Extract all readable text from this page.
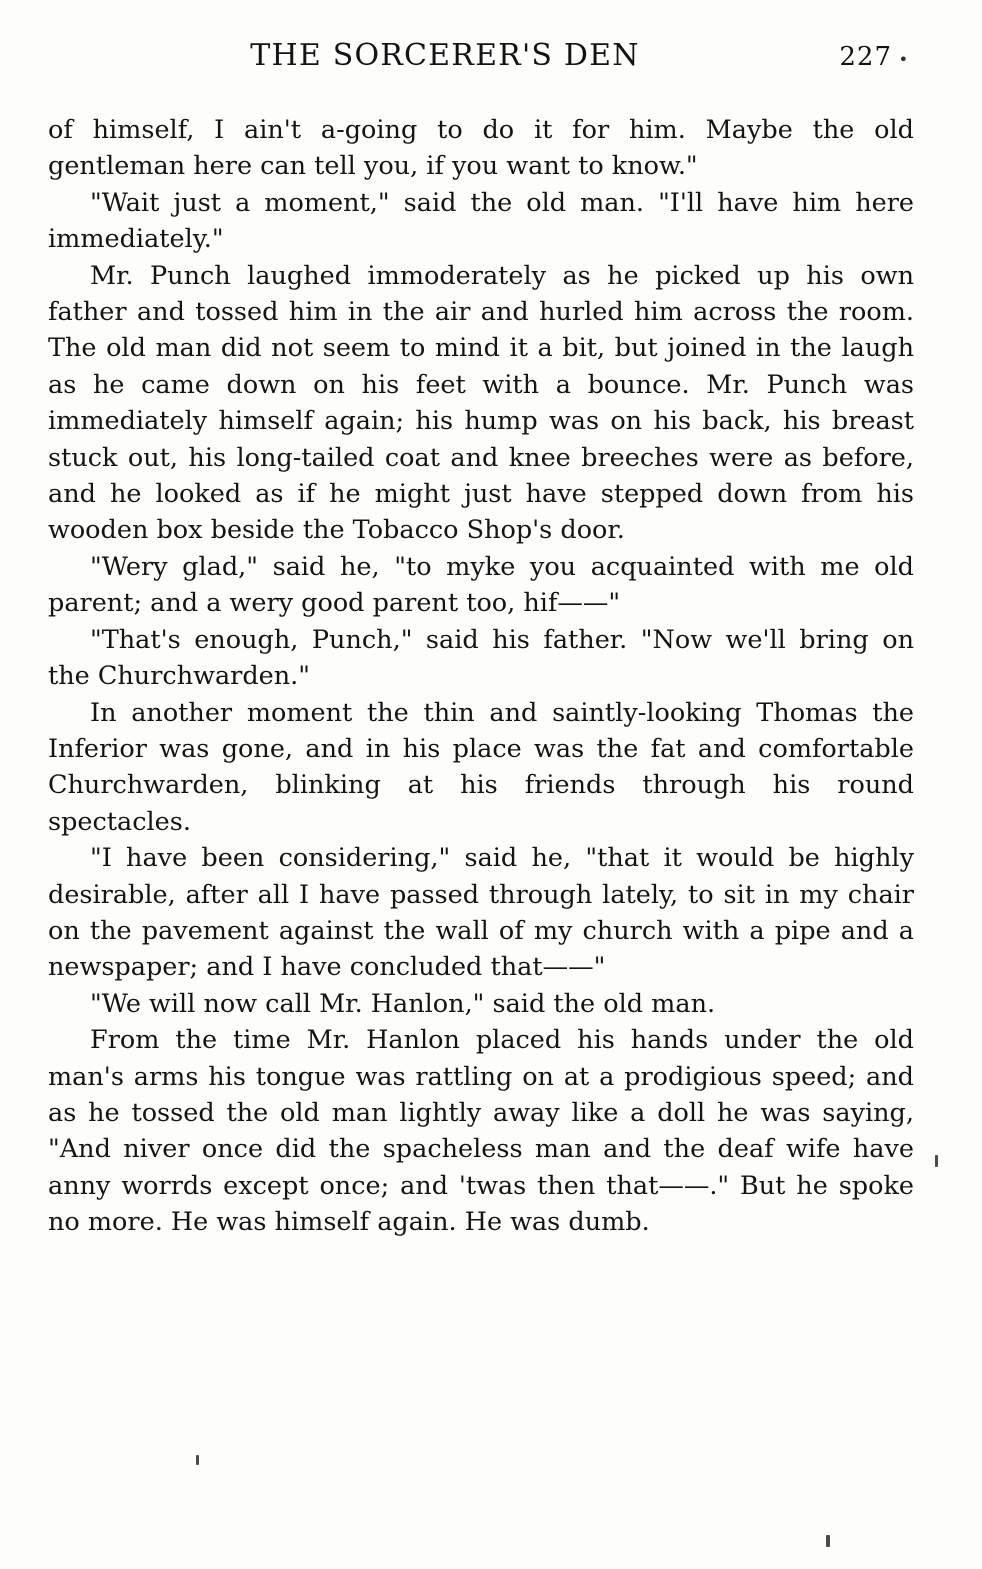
THE SORCERER'S DEN	227 •

of himself, I ain't a-going to do it for him. Maybe the old gentleman here can tell you, if you want to know."

"Wait just a moment," said the old man. "I'll have him here immediately."

Mr. Punch laughed immoderately as he picked up his own father and tossed him in the air and hurled him across the room. The old man did not seem to mind it a bit, but joined in the laugh as he came down on his feet with a bounce. Mr. Punch was immediately himself again; his hump was on his back, his breast stuck out, his long-tailed coat and knee breeches were as before, and he looked as if he might just have stepped down from his wooden box beside the Tobacco Shop's door.

"Wery glad," said he, "to myke you acquainted with me old parent; and a wery good parent too, hif——"

"That's enough, Punch," said his father. "Now we'll bring on the Churchwarden."

In another moment the thin and saintly-looking Thomas the Inferior was gone, and in his place was the fat and comfortable Churchwarden, blinking at his friends through his round spectacles.

"I have been considering," said he, "that it would be highly desirable, after all I have passed through lately, to sit in my chair on the pavement against the wall of my church with a pipe and a newspaper; and I have concluded that——"

"We will now call Mr. Hanlon," said the old man.

From the time Mr. Hanlon placed his hands under the old man's arms his tongue was rattling on at a prodigious speed; and as he tossed the old man lightly away like a doll he was saying, "And niver once did the spacheless man and the deaf wife have anny worrds except once; and 'twas then that——." But he spoke no more. He was himself again. He was dumb.
